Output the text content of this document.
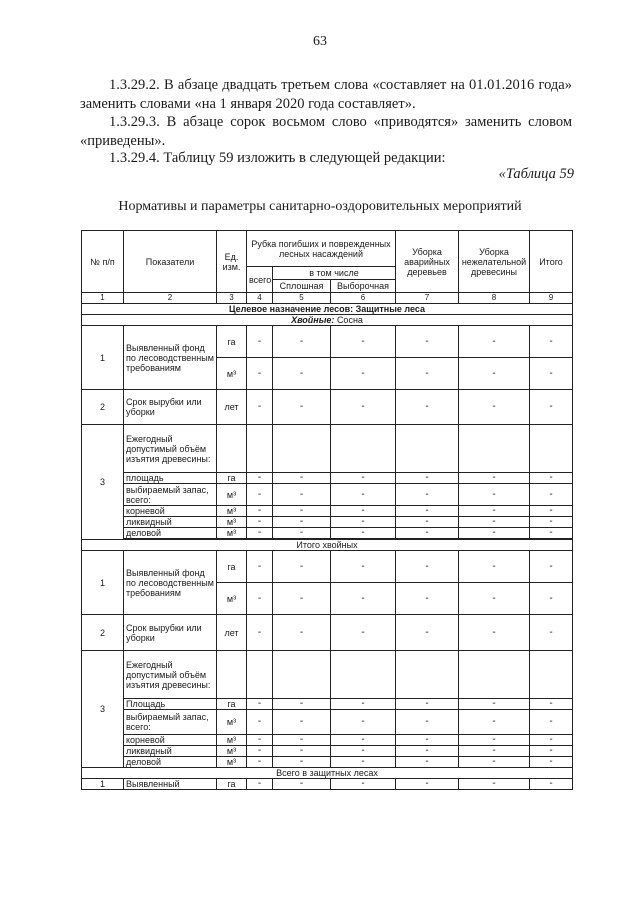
63
  1.3.29.2. В абзаце двадцать третьем слова «составляет на 01.01.2016 года» заменить словами «на 1 января 2020 года составляет».
  1.3.29.3. В абзаце сорок восьмом слово «приводятся» заменить словом «приведены».
  1.3.29.4. Таблицу 59 изложить в следующей редакции:
«Таблица 59
Нормативы и параметры санитарно-оздоровительных мероприятий
№ п/п	Показатели	Ед. изм.	Рубка погибших и поврежденных лесных насаждений			Уборка аварийных деревьев	Уборка нежелательной древесины	Итого
			всего	в том числе				
				Сплошная	Выборочная			
1	2	3	4	5	6	7	8	9
Целевое назначение лесов: Защитные леса								
Хвойные: Сосна								
1	Выявленный фонд по лесоводственным требованиям	га	-	-	-	-	-	-
		м³	-	-	-	-	-	-
2	Срок вырубки или уборки	лет	-	-	-	-	-	-
3	Ежегодный допустимый объём изъятия древесины:							
	площадь	га	-	-	-	-	-	-
	выбираемый запас, всего:	м³	-	-	-	-	-	-
	корневой	м³	-	-	-	-	-	-
	ликвидный	м³	-	-	-	-	-	-
	деловой	м³	-	-	-	-	-	-

Итого хвойных								
1	Выявленный фонд по лесоводственным требованиям	га	-	-	-	-	-	-
		м³	-	-	-	-	-	-
2	Срок вырубки или уборки	лет	-	-	-	-	-	-
3	Ежегодный допустимый объём изъятия древесины:							
	Площадь	га	-	-	-	-	-	-
	выбираемый запас, всего:	м³	-	-	-	-	-	-
	корневой	м³	-	-	-	-	-	-
	ликвидный	м³	-	-	-	-	-	-
	деловой	м³	-	-	-	-	-	-
Всего в защитных лесах								
1	Выявленный	га	-	-	-	-	-	-
